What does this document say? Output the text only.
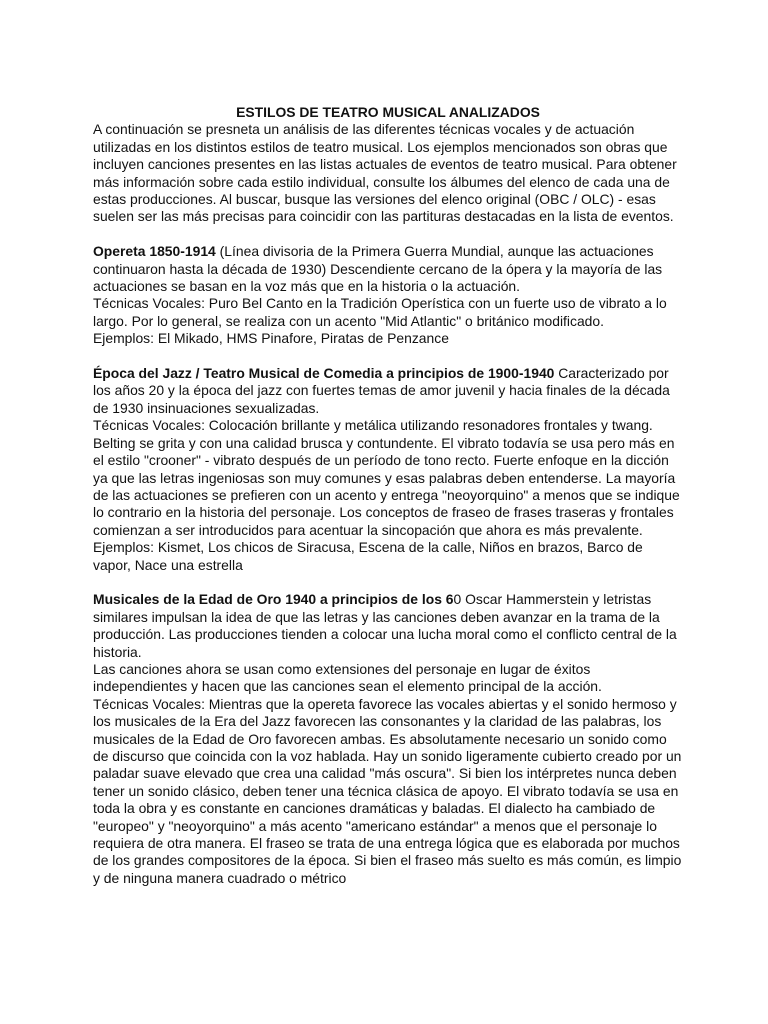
ESTILOS DE TEATRO MUSICAL ANALIZADOS

A continuación se presneta un análisis de las diferentes técnicas vocales y de actuación utilizadas en los distintos estilos de teatro musical. Los ejemplos mencionados son obras que incluyen canciones presentes en las listas actuales de eventos de teatro musical. Para obtener más información sobre cada estilo individual, consulte los álbumes del elenco de cada una de estas producciones. Al buscar, busque las versiones del elenco original (OBC / OLC) - esas suelen ser las más precisas para coincidir con las partituras destacadas en la lista de eventos.

Opereta 1850-1914 (Línea divisoria de la Primera Guerra Mundial, aunque las actuaciones continuaron hasta la década de 1930) Descendiente cercano de la ópera y la mayoría de las actuaciones se basan en la voz más que en la historia o la actuación.

Técnicas Vocales: Puro Bel Canto en la Tradición Operística con un fuerte uso de vibrato a lo largo. Por lo general, se realiza con un acento "Mid Atlantic" o británico modificado.

Ejemplos: El Mikado, HMS Pinafore, Piratas de Penzance

Época del Jazz / Teatro Musical de Comedia a principios de 1900-1940 Caracterizado por los años 20 y la época del jazz con fuertes temas de amor juvenil y hacia finales de la década de 1930 insinuaciones sexualizadas.

Técnicas Vocales: Colocación brillante y metálica utilizando resonadores frontales y twang. Belting se grita y con una calidad brusca y contundente. El vibrato todavía se usa pero más en el estilo "crooner" - vibrato después de un período de tono recto. Fuerte enfoque en la dicción ya que las letras ingeniosas son muy comunes y esas palabras deben entenderse. La mayoría de las actuaciones se prefieren con un acento y entrega "neoyorquino" a menos que se indique lo contrario en la historia del personaje. Los conceptos de fraseo de frases traseras y frontales comienzan a ser introducidos para acentuar la sincopación que ahora es más prevalente.

Ejemplos: Kismet, Los chicos de Siracusa, Escena de la calle, Niños en brazos, Barco de vapor, Nace una estrella

Musicales de la Edad de Oro 1940 a principios de los 60 Oscar Hammerstein y letristas similares impulsan la idea de que las letras y las canciones deben avanzar en la trama de la producción. Las producciones tienden a colocar una lucha moral como el conflicto central de la historia.

Las canciones ahora se usan como extensiones del personaje en lugar de éxitos independientes y hacen que las canciones sean el elemento principal de la acción.

Técnicas Vocales: Mientras que la opereta favorece las vocales abiertas y el sonido hermoso y los musicales de la Era del Jazz favorecen las consonantes y la claridad de las palabras, los musicales de la Edad de Oro favorecen ambas. Es absolutamente necesario un sonido como de discurso que coincida con la voz hablada. Hay un sonido ligeramente cubierto creado por un paladar suave elevado que crea una calidad "más oscura". Si bien los intérpretes nunca deben tener un sonido clásico, deben tener una técnica clásica de apoyo. El vibrato todavía se usa en toda la obra y es constante en canciones dramáticas y baladas. El dialecto ha cambiado de "europeo" y "neoyorquino" a más acento "americano estándar" a menos que el personaje lo requiera de otra manera. El fraseo se trata de una entrega lógica que es elaborada por muchos de los grandes compositores de la época. Si bien el fraseo más suelto es más común, es limpio y de ninguna manera cuadrado o métrico
